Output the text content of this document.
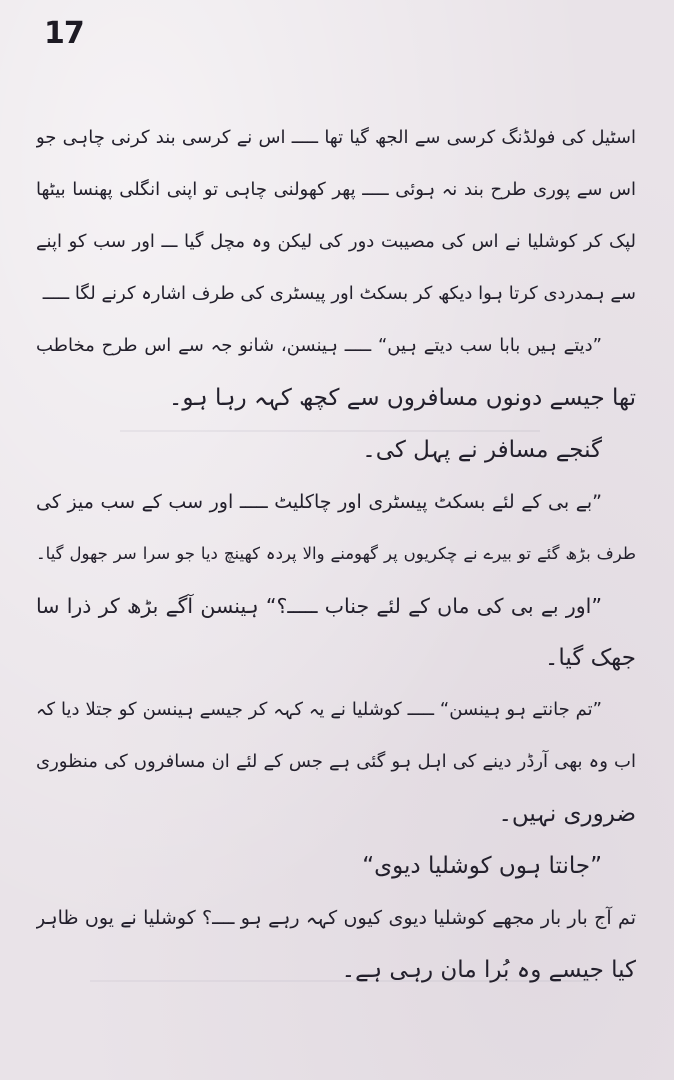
17
اسٹیل کی فولڈنگ کرسی سے الجھ گیا تھا ـــــ اس نے کرسی بند کرنی چاہی جو
اس سے پوری طرح بند نہ ہوئی ـــــ پھر کھولنی چاہی تو اپنی انگلی پھنسا بیٹھا
لپک کر کوشلیا نے اس کی مصیبت دور کی لیکن وہ مچل گیا ـــ اور سب کو اپنے
سے ہمدردی کرتا ہوا دیکھ کر بسکٹ اور پیسٹری کی طرف اشارہ کرنے لگا ـــــ
”دیتے ہیں بابا سب دیتے ہیں“ ـــــ ہینسن، شانو جہ سے اس طرح مخاطب
تھا جیسے دونوں مسافروں سے کچھ کہہ رہا ہو۔
گنجے مسافر نے پہل کی۔
”بے بی کے لئے بسکٹ پیسٹری اور چاکلیٹ ـــــ اور سب کے سب میز کی
طرف بڑھ گئے تو بیرے نے چکریوں پر گھومنے والا پردہ کھینچ دیا جو سرا سر جھول گیا۔
”اور بے بی کی ماں کے لئے جناب ـــــ؟“ ہینسن آگے بڑھ کر ذرا سا
جھک گیا۔
”تم جانتے ہو ہینسن“ ـــــ کوشلیا نے یہ کہہ کر جیسے ہینسن کو جتلا دیا کہ
اب وہ بھی آرڈر دینے کی اہل ہو گئی ہے جس کے لئے ان مسافروں کی منظوری
ضروری نہیں۔
”جانتا ہوں کوشلیا دیوی“
تم آج بار بار مجھے کوشلیا دیوی کیوں کہہ رہے ہو ــــ؟ کوشلیا نے یوں ظاہر
کیا جیسے وہ بُرا مان رہی ہے۔
